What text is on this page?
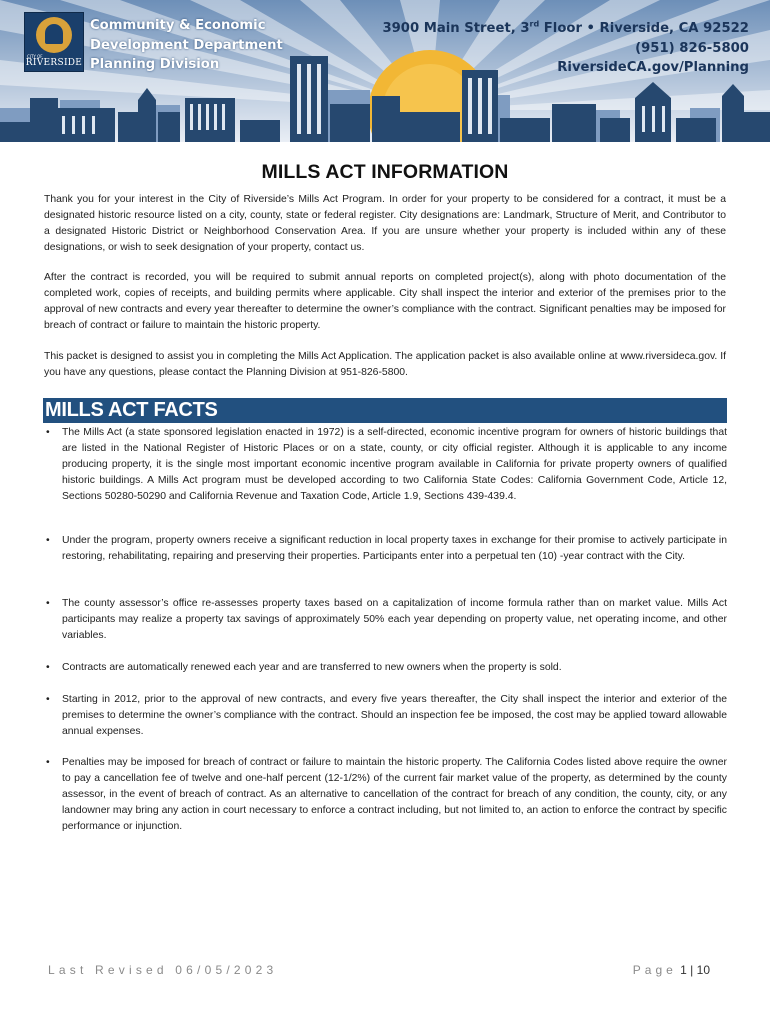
CITY OF
RIVERSIDE
Community & Economic
Development Department
Planning Division
3900 Main Street, 3rd Floor • Riverside, CA 92522
(951) 826-5800
RiversideCA.gov/Planning
MILLS ACT INFORMATION

Thank you for your interest in the City of Riverside’s Mills Act Program. In order for your property to be considered for a contract, it must be a designated historic resource listed on a city, county, state or federal register. City designations are: Landmark, Structure of Merit, and Contributor to a designated Historic District or Neighborhood Conservation Area. If you are unsure whether your property is included within any of these designations, or wish to seek designation of your property, contact us.

After the contract is recorded, you will be required to submit annual reports on completed project(s), along with photo documentation of the completed work, copies of receipts, and building permits where applicable. City shall inspect the interior and exterior of the premises prior to the approval of new contracts and every year thereafter to determine the owner’s compliance with the contract. Significant penalties may be imposed for breach of contract or failure to maintain the historic property.

This packet is designed to assist you in completing the Mills Act Application. The application packet is also available online at www.riversideca.gov. If you have any questions, please contact the Planning Division at 951-826-5800.

MILLS ACT FACTS
• The Mills Act (a state sponsored legislation enacted in 1972) is a self-directed, economic incentive program for owners of historic buildings that are listed in the National Register of Historic Places or on a state, county, or city official register. Although it is applicable to any income producing property, it is the single most important economic incentive program available in California for private property owners of qualified historic buildings. A Mills Act program must be developed according to two California State Codes: California Government Code, Article 12, Sections 50280-50290 and California Revenue and Taxation Code, Article 1.9, Sections 439-439.4.
• Under the program, property owners receive a significant reduction in local property taxes in exchange for their promise to actively participate in restoring, rehabilitating, repairing and preserving their properties. Participants enter into a perpetual ten (10) -year contract with the City.
• The county assessor’s office re-assesses property taxes based on a capitalization of income formula rather than on market value. Mills Act participants may realize a property tax savings of approximately 50% each year depending on property value, net operating income, and other variables.
• Contracts are automatically renewed each year and are transferred to new owners when the property is sold.
• Starting in 2012, prior to the approval of new contracts, and every five years thereafter, the City shall inspect the interior and exterior of the premises to determine the owner’s compliance with the contract. Should an inspection fee be imposed, the cost may be applied toward allowable annual expenses.
• Penalties may be imposed for breach of contract or failure to maintain the historic property. The California Codes listed above require the owner to pay a cancellation fee of twelve and one-half percent (12-1/2%) of the current fair market value of the property, as determined by the county assessor, in the event of breach of contract. As an alternative to cancellation of the contract for breach of any condition, the county, city, or any landowner may bring any action in court necessary to enforce a contract including, but not limited to, an action to enforce the contract by specific performance or injunction.
Last Revised 06/05/2023	Page 1 | 10
